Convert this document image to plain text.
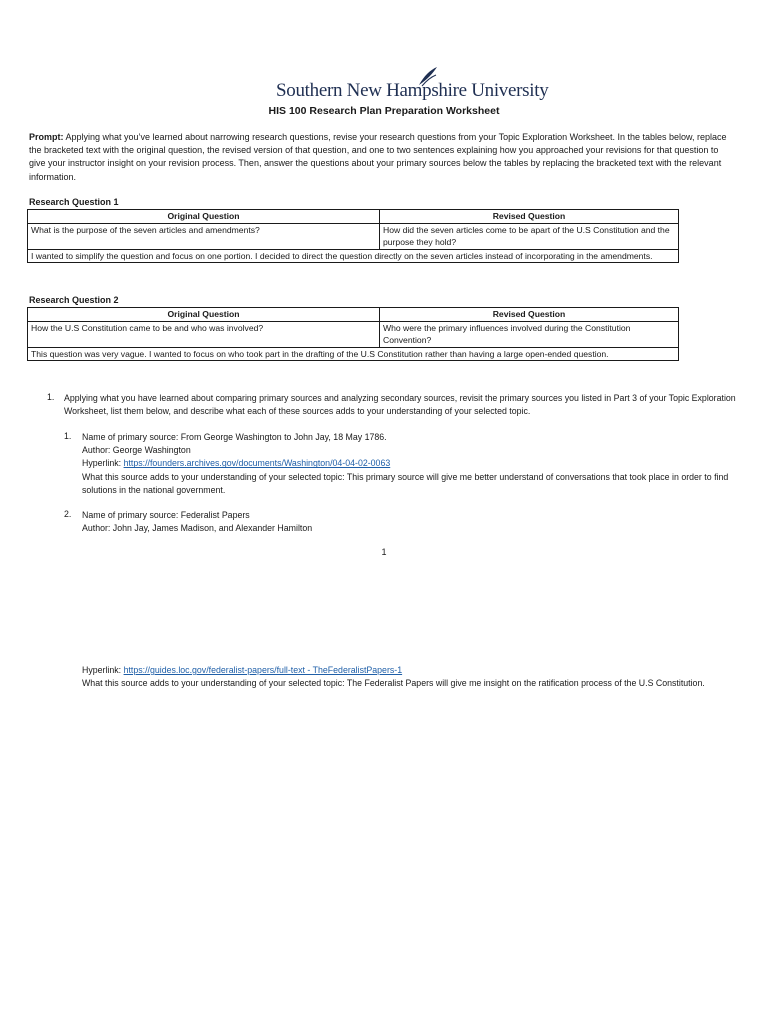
Southern New Hampshire University
HIS 100 Research Plan Preparation Worksheet
Prompt: Applying what you’ve learned about narrowing research questions, revise your research questions from your Topic Exploration Worksheet. In the tables below, replace the bracketed text with the original question, the revised version of that question, and one to two sentences explaining how you approached your revisions for that question to give your instructor insight on your revision process. Then, answer the questions about your primary sources below the tables by replacing the bracketed text with the relevant information.
Research Question 1
Original Question	Revised Question
What is the purpose of the seven articles and amendments?	How did the seven articles come to be apart of the U.S Constitution and the purpose they hold?
I wanted to simplify the question and focus on one portion. I decided to direct the question directly on the seven articles instead of incorporating in the amendments.	
Research Question 2
Original Question	Revised Question
How the U.S Constitution came to be and who was involved?	Who were the primary influences involved during the Constitution Convention?
This question was very vague. I wanted to focus on who took part in the drafting of the U.S Constitution rather than having a large open-ended question.	
1. Applying what you have learned about comparing primary sources and analyzing secondary sources, revisit the primary sources you listed in Part 3 of your Topic Exploration Worksheet, list them below, and describe what each of these sources adds to your understanding of your selected topic.
1. Name of primary source: From George Washington to John Jay, 18 May 1786.
Author: George Washington
Hyperlink: https://founders.archives.gov/documents/Washington/04-04-02-0063
What this source adds to your understanding of your selected topic: This primary source will give me better understand of conversations that took place in order to find solutions in the national government.
2. Name of primary source: Federalist Papers
Author: John Jay, James Madison, and Alexander Hamilton
1
Hyperlink: https://guides.loc.gov/federalist-papers/full-text - TheFederalistPapers-1
What this source adds to your understanding of your selected topic: The Federalist Papers will give me insight on the ratification process of the U.S Constitution.
